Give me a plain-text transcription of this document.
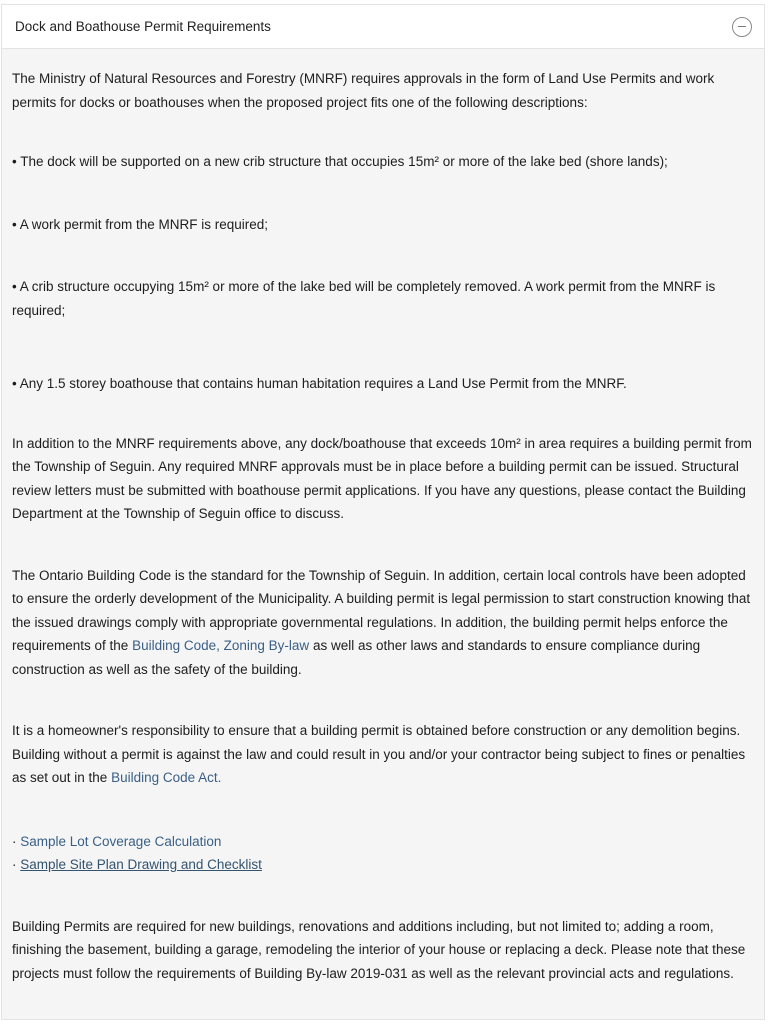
Dock and Boathouse Permit Requirements

The Ministry of Natural Resources and Forestry (MNRF) requires approvals in the form of Land Use Permits and work permits for docks or boathouses when the proposed project fits one of the following descriptions:

• The dock will be supported on a new crib structure that occupies 15m² or more of the lake bed (shore lands);

• A work permit from the MNRF is required;

• A crib structure occupying 15m² or more of the lake bed will be completely removed. A work permit from the MNRF is required;

• Any 1.5 storey boathouse that contains human habitation requires a Land Use Permit from the MNRF.

In addition to the MNRF requirements above, any dock/boathouse that exceeds 10m² in area requires a building permit from the Township of Seguin. Any required MNRF approvals must be in place before a building permit can be issued. Structural review letters must be submitted with boathouse permit applications. If you have any questions, please contact the Building Department at the Township of Seguin office to discuss.

The Ontario Building Code is the standard for the Township of Seguin. In addition, certain local controls have been adopted to ensure the orderly development of the Municipality. A building permit is legal permission to start construction knowing that the issued drawings comply with appropriate governmental regulations. In addition, the building permit helps enforce the requirements of the Building Code, Zoning By-law as well as other laws and standards to ensure compliance during construction as well as the safety of the building.

It is a homeowner's responsibility to ensure that a building permit is obtained before construction or any demolition begins. Building without a permit is against the law and could result in you and/or your contractor being subject to fines or penalties as set out in the Building Code Act.

· Sample Lot Coverage Calculation
· Sample Site Plan Drawing and Checklist

Building Permits are required for new buildings, renovations and additions including, but not limited to; adding a room, finishing the basement, building a garage, remodeling the interior of your house or replacing a deck. Please note that these projects must follow the requirements of Building By-law 2019-031 as well as the relevant provincial acts and regulations.
